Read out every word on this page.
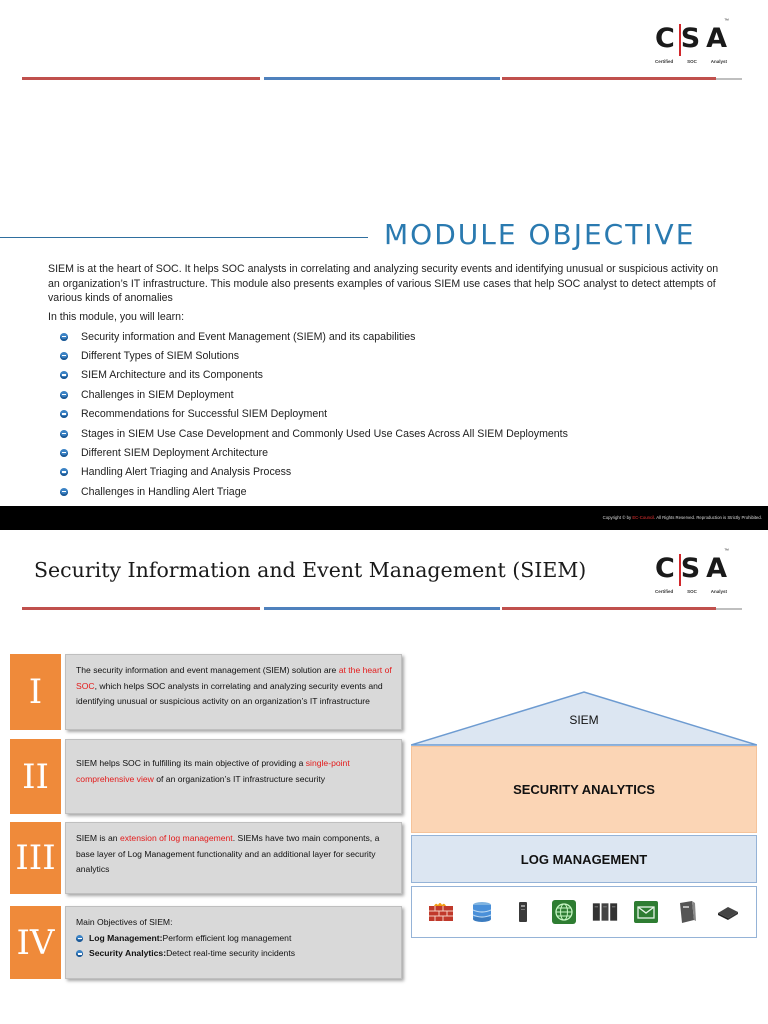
C S A
™
Certified	SOC	Analyst
MODULE OBJECTIVE
SIEM is at the heart of SOC. It helps SOC analysts in correlating and analyzing security events and identifying unusual or suspicious activity on an organization’s IT infrastructure. This module also presents examples of various SIEM use cases that help SOC analyst to detect attempts of various kinds of anomalies
In this module, you will learn:
Security information and Event Management (SIEM) and its capabilities
Different Types of SIEM Solutions
SIEM Architecture and its Components
Challenges in SIEM Deployment
Recommendations for Successful SIEM Deployment
Stages in SIEM Use Case Development and Commonly Used Use Cases Across All SIEM Deployments
Different SIEM Deployment Architecture
Handling Alert Triaging and Analysis Process
Challenges in Handling Alert Triage
Copyright © by EC-Council. All Rights Reserved. Reproduction is Strictly Prohibited.
Security Information and Event Management (SIEM)	C S A
™
Certified	SOC	Analyst
I
The security information and event management (SIEM) solution are at the heart of SOC, which helps SOC analysts in correlating and analyzing security events and identifying unusual or suspicious activity on an organization’s IT infrastructure
II	SIEM helps SOC in fulfilling its main objective of providing a single-point comprehensive view of an organization’s IT infrastructure security
III	SIEM is an extension of log management. SIEMs have two main components, a base layer of Log Management functionality and an additional layer for security analytics
IV
Main Objectives of SIEM:
Log Management: Perform efficient log management
Security Analytics: Detect real-time security incidents
SIEM
SECURITY ANALYTICS
LOG MANAGEMENT
